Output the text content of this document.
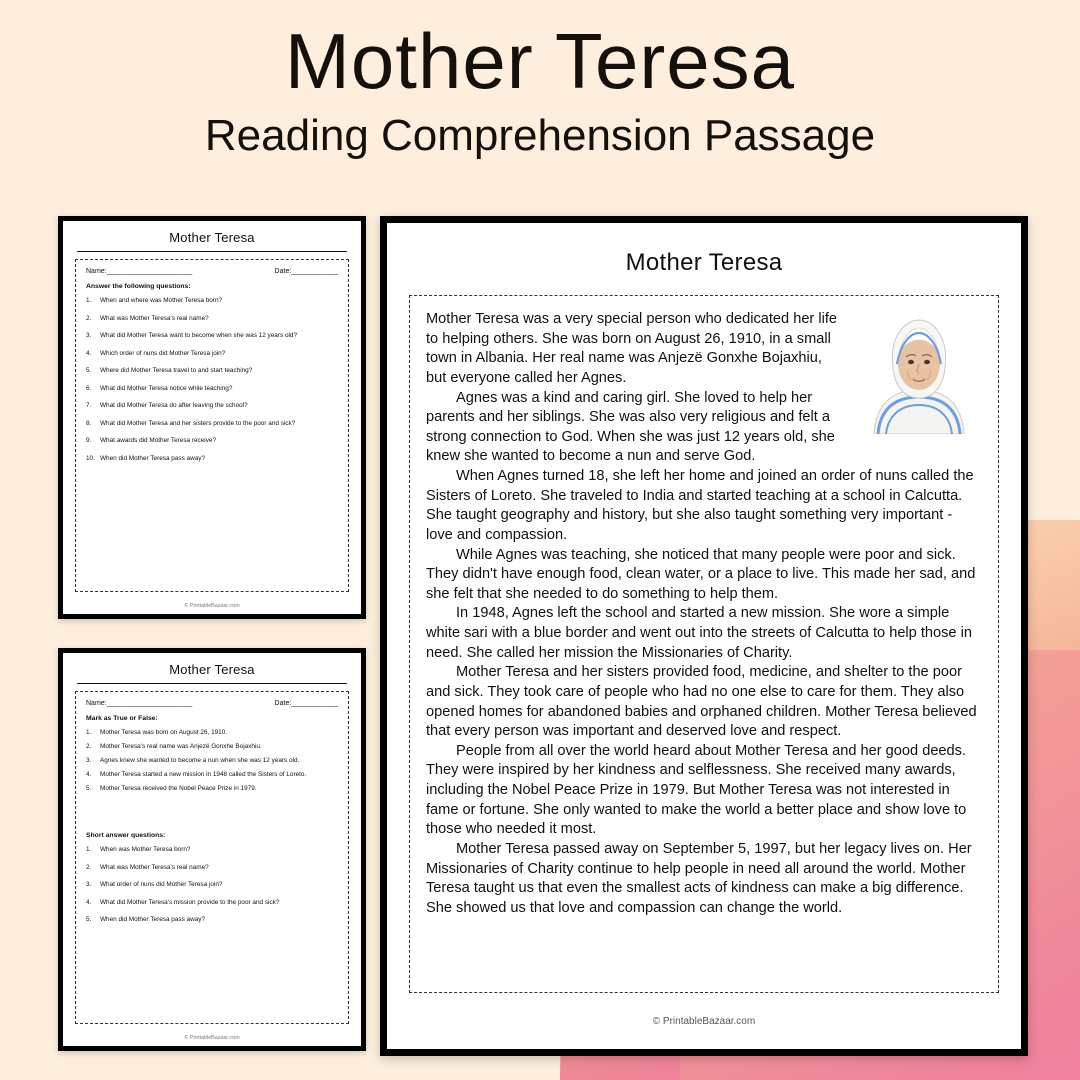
Mother Teresa
Reading Comprehension Passage
Mother Teresa
Name:______________________	Date:____________
Answer the following questions:
1.	When and where was Mother Teresa born?
2.	What was Mother Teresa's real name?
3.	What did Mother Teresa want to become when she was 12 years old?
4.	Which order of nuns did Mother Teresa join?
5.	Where did Mother Teresa travel to and start teaching?
6.	What did Mother Teresa notice while teaching?
7.	What did Mother Teresa do after leaving the school?
8.	What did Mother Teresa and her sisters provide to the poor and sick?
9.	What awards did Mother Teresa receive?
10. When did Mother Teresa pass away?
© PrintableBazaar.com
Mother Teresa
Name:______________________	Date:____________
Mark as True or False:
1.	Mother Teresa was born on August 26, 1910.
2.	Mother Teresa's real name was Anjezë Gonxhe Bojaxhiu.
3.	Agnes knew she wanted to become a nun when she was 12 years old.
4.	Mother Teresa started a new mission in 1948 called the Sisters of Loreto.
5.	Mother Teresa received the Nobel Peace Prize in 1979.
Short answer questions:
1.	When was Mother Teresa born?
2.	What was Mother Teresa's real name?
3.	What order of nuns did Mother Teresa join?
4.	What did Mother Teresa's mission provide to the poor and sick?
5.	When did Mother Teresa pass away?
© PrintableBazaar.com
Mother Teresa

Mother Teresa was a very special person who dedicated her life to helping others. She was born on August 26, 1910, in a small town in Albania. Her real name was Anjezë Gonxhe Bojaxhiu, but everyone called her Agnes.

Agnes was a kind and caring girl. She loved to help her parents and her siblings. She was also very religious and felt a strong connection to God. When she was just 12 years old, she knew she wanted to become a nun and serve God.

When Agnes turned 18, she left her home and joined an order of nuns called the Sisters of Loreto. She traveled to India and started teaching at a school in Calcutta. She taught geography and history, but she also taught something very important - love and compassion.

While Agnes was teaching, she noticed that many people were poor and sick. They didn't have enough food, clean water, or a place to live. This made her sad, and she felt that she needed to do something to help them.

In 1948, Agnes left the school and started a new mission. She wore a simple white sari with a blue border and went out into the streets of Calcutta to help those in need. She called her mission the Missionaries of Charity.

Mother Teresa and her sisters provided food, medicine, and shelter to the poor and sick. They took care of people who had no one else to care for them. They also opened homes for abandoned babies and orphaned children. Mother Teresa believed that every person was important and deserved love and respect.

People from all over the world heard about Mother Teresa and her good deeds. They were inspired by her kindness and selflessness. She received many awards, including the Nobel Peace Prize in 1979. But Mother Teresa was not interested in fame or fortune. She only wanted to make the world a better place and show love to those who needed it most.

Mother Teresa passed away on September 5, 1997, but her legacy lives on. Her Missionaries of Charity continue to help people in need all around the world. Mother Teresa taught us that even the smallest acts of kindness can make a big difference. She showed us that love and compassion can change the world.

© PrintableBazaar.com
